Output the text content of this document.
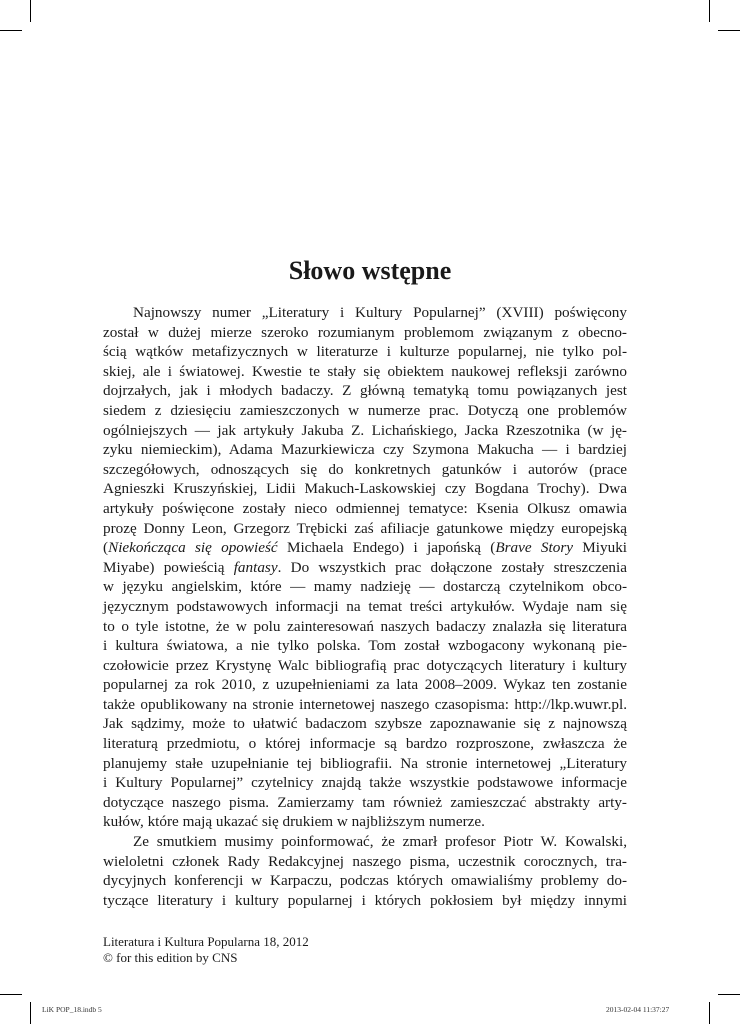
Słowo wstępne
Najnowszy numer „Literatury i Kultury Popularnej” (XVIII) poświęcony
został w dużej mierze szeroko rozumianym problemom związanym z obecno-
ścią wątków metafizycznych w literaturze i kulturze popularnej, nie tylko pol-
skiej, ale i światowej. Kwestie te stały się obiektem naukowej refleksji zarówno
dojrzałych, jak i młodych badaczy. Z główną tematyką tomu powiązanych jest
siedem z dziesięciu zamieszczonych w numerze prac. Dotyczą one problemów
ogólniejszych — jak artykuły Jakuba Z. Lichańskiego, Jacka Rzeszotnika (w ję-
zyku niemieckim), Adama Mazurkiewicza czy Szymona Makucha — i bardziej
szczegółowych, odnoszących się do konkretnych gatunków i autorów (prace
Agnieszki Kruszyńskiej, Lidii Makuch-Laskowskiej czy Bogdana Trochy). Dwa
artykuły poświęcone zostały nieco odmiennej tematyce: Ksenia Olkusz omawia
prozę Donny Leon, Grzegorz Trębicki zaś afiliacje gatunkowe między europejską
(Niekończąca się opowieść Michaela Endego) i japońską (Brave Story Miyuki
Miyabe) powieścią fantasy. Do wszystkich prac dołączone zostały streszczenia
w języku angielskim, które — mamy nadzieję — dostarczą czytelnikom obco-
języcznym podstawowych informacji na temat treści artykułów. Wydaje nam się
to o tyle istotne, że w polu zainteresowań naszych badaczy znalazła się literatura
i kultura światowa, a nie tylko polska. Tom został wzbogacony wykonaną pie-
czołowicie przez Krystynę Walc bibliografią prac dotyczących literatury i kultury
popularnej za rok 2010, z uzupełnieniami za lata 2008–2009. Wykaz ten zostanie
także opublikowany na stronie internetowej naszego czasopisma: http://lkp.wuwr.pl.
Jak sądzimy, może to ułatwić badaczom szybsze zapoznawanie się z najnowszą
literaturą przedmiotu, o której informacje są bardzo rozproszone, zwłaszcza że
planujemy stałe uzupełnianie tej bibliografii. Na stronie internetowej „Literatury
i Kultury Popularnej” czytelnicy znajdą także wszystkie podstawowe informacje
dotyczące naszego pisma. Zamierzamy tam również zamieszczać abstrakty arty-
kułów, które mają ukazać się drukiem w najbliższym numerze.
Ze smutkiem musimy poinformować, że zmarł profesor Piotr W. Kowalski,
wieloletni członek Rady Redakcyjnej naszego pisma, uczestnik corocznych, tra-
dycyjnych konferencji w Karpaczu, podczas których omawialiśmy problemy do-
tyczące literatury i kultury popularnej i których pokłosiem był między innymi
Literatura i Kultura Popularna 18, 2012
© for this edition by CNS
LiK POP_18.indb 5	2013-02-04 11:37:27
